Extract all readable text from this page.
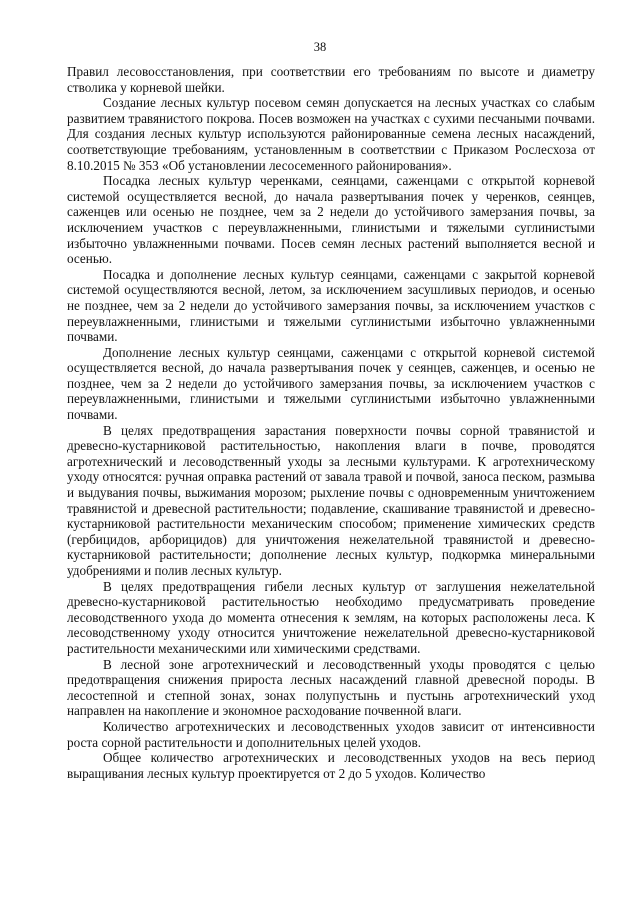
38

Правил лесовосстановления, при соответствии его требованиям по высоте и диаметру стволика у корневой шейки.

Создание лесных культур посевом семян допускается на лесных участках со слабым развитием травянистого покрова. Посев возможен на участках с сухими песчаными почвами. Для создания лесных культур используются районированные семена лесных насаждений, соответствующие требованиям, установленным в соответствии с Приказом Рослесхоза от 8.10.2015 № 353 «Об установлении лесосеменного районирования».

Посадка лесных культур черенками, сеянцами, саженцами с открытой корневой системой осуществляется весной, до начала развертывания почек у черенков, сеянцев, саженцев или осенью не позднее, чем за 2 недели до устойчивого замерзания почвы, за исключением участков с переувлажненными, глинистыми и тяжелыми суглинистыми избыточно увлажненными почвами. Посев семян лесных растений выполняется весной и осенью.

Посадка и дополнение лесных культур сеянцами, саженцами с закрытой корневой системой осуществляются весной, летом, за исключением засушливых периодов, и осенью не позднее, чем за 2 недели до устойчивого замерзания почвы, за исключением участков с переувлажненными, глинистыми и тяжелыми суглинистыми избыточно увлажненными почвами.

Дополнение лесных культур сеянцами, саженцами с открытой корневой системой осуществляется весной, до начала развертывания почек у сеянцев, саженцев, и осенью не позднее, чем за 2 недели до устойчивого замерзания почвы, за исключением участков с переувлажненными, глинистыми и тяжелыми суглинистыми избыточно увлажненными почвами.

В целях предотвращения зарастания поверхности почвы сорной травянистой и древесно-кустарниковой растительностью, накопления влаги в почве, проводятся агротехнический и лесоводственный уходы за лесными культурами. К агротехническому уходу относятся: ручная оправка растений от завала травой и почвой, заноса песком, размыва и выдувания почвы, выжимания морозом; рыхление почвы с одновременным уничтожением травянистой и древесной растительности; подавление, скашивание травянистой и древесно-кустарниковой растительности механическим способом; применение химических средств (гербицидов, арборицидов) для уничтожения нежелательной травянистой и древесно-кустарниковой растительности; дополнение лесных культур, подкормка минеральными удобрениями и полив лесных культур.

В целях предотвращения гибели лесных культур от заглушения нежелательной древесно-кустарниковой растительностью необходимо предусматривать проведение лесоводственного ухода до момента отнесения к землям, на которых расположены леса. К лесоводственному уходу относится уничтожение нежелательной древесно-кустарниковой растительности механическими или химическими средствами.

В лесной зоне агротехнический и лесоводственный уходы проводятся с целью предотвращения снижения прироста лесных насаждений главной древесной породы. В лесостепной и степной зонах, зонах полупустынь и пустынь агротехнический уход направлен на накопление и экономное расходование почвенной влаги.

Количество агротехнических и лесоводственных уходов зависит от интенсивности роста сорной растительности и дополнительных целей уходов.

Общее количество агротехнических и лесоводственных уходов на весь период выращивания лесных культур проектируется от 2 до 5 уходов. Количество
